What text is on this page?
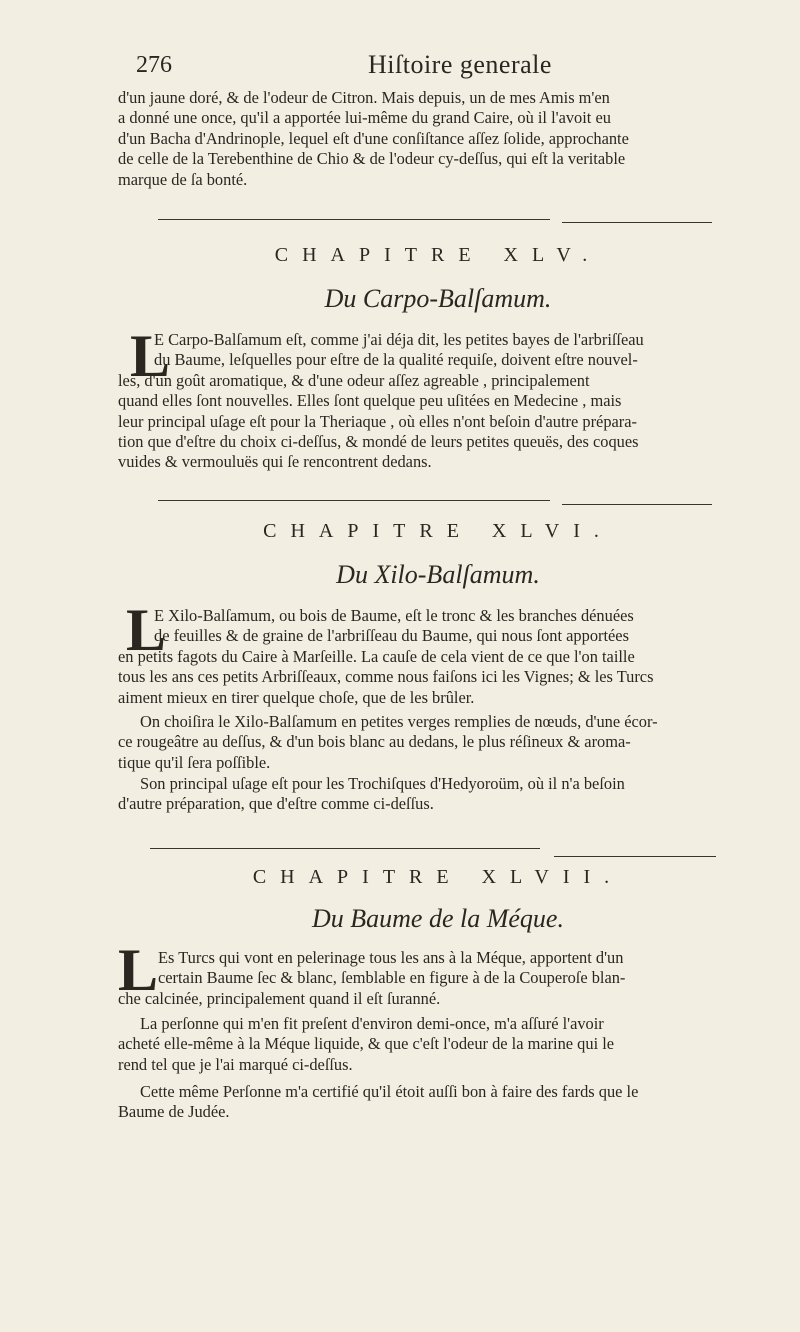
276	Hiſtoire generale
d'un jaune doré, & de l'odeur de Citron. Mais depuis, un de mes Amis m'en
a donné une once, qu'il a apportée lui-même du grand Caire, où il l'avoit eu
d'un Bacha d'Andrinople, lequel eſt d'une conſiſtance aſſez ſolide, approchante
de celle de la Terebenthine de Chio & de l'odeur cy-deſſus, qui eſt la veritable
marque de ſa bonté.
CHAPITRE XLV.
Du Carpo-Balſamum.
L
E Carpo-Balſamum eſt, comme j'ai déja dit, les petites bayes de l'arbriſſeau
du Baume, leſquelles pour eſtre de la qualité requiſe, doivent eſtre nouvel-
les, d'un goût aromatique, & d'une odeur aſſez agreable , principalement
quand elles ſont nouvelles. Elles ſont quelque peu uſitées en Medecine , mais
leur principal uſage eſt pour la Theriaque , où elles n'ont beſoin d'autre prépara-
tion que d'eſtre du choix ci-deſſus, & mondé de leurs petites queuës, des coques
vuides & vermouluës qui ſe rencontrent dedans.
CHAPITRE XLVI.
Du Xilo-Balſamum.
L
E Xilo-Balſamum, ou bois de Baume, eſt le tronc & les branches dénuées
de feuilles & de graine de l'arbriſſeau du Baume, qui nous ſont apportées
en petits fagots du Caire à Marſeille. La cauſe de cela vient de ce que l'on taille
tous les ans ces petits Arbriſſeaux, comme nous faiſons ici les Vignes; & les Turcs
aiment mieux en tirer quelque choſe, que de les brûler.
On choiſira le Xilo-Balſamum en petites verges remplies de nœuds, d'une écor-
ce rougeâtre au deſſus, & d'un bois blanc au dedans, le plus réſineux & aroma-
tique qu'il ſera poſſible.
Son principal uſage eſt pour les Trochiſques d'Hedyoroüm, où il n'a beſoin
d'autre préparation, que d'eſtre comme ci-deſſus.
CHAPITRE XLVII.
Du Baume de la Méque.
L Es Turcs qui vont en pelerinage tous les ans à la Méque, apportent d'un
certain Baume ſec & blanc, ſemblable en figure à de la Couperoſe blan-
che calcinée, principalement quand il eſt ſuranné.
La perſonne qui m'en fit preſent d'environ demi-once, m'a aſſuré l'avoir
acheté elle-même à la Méque liquide, & que c'eſt l'odeur de la marine qui le
rend tel que je l'ai marqué ci-deſſus.
Cette même Perſonne m'a certifié qu'il étoit auſſi bon à faire des fards que le
Baume de Judée.
